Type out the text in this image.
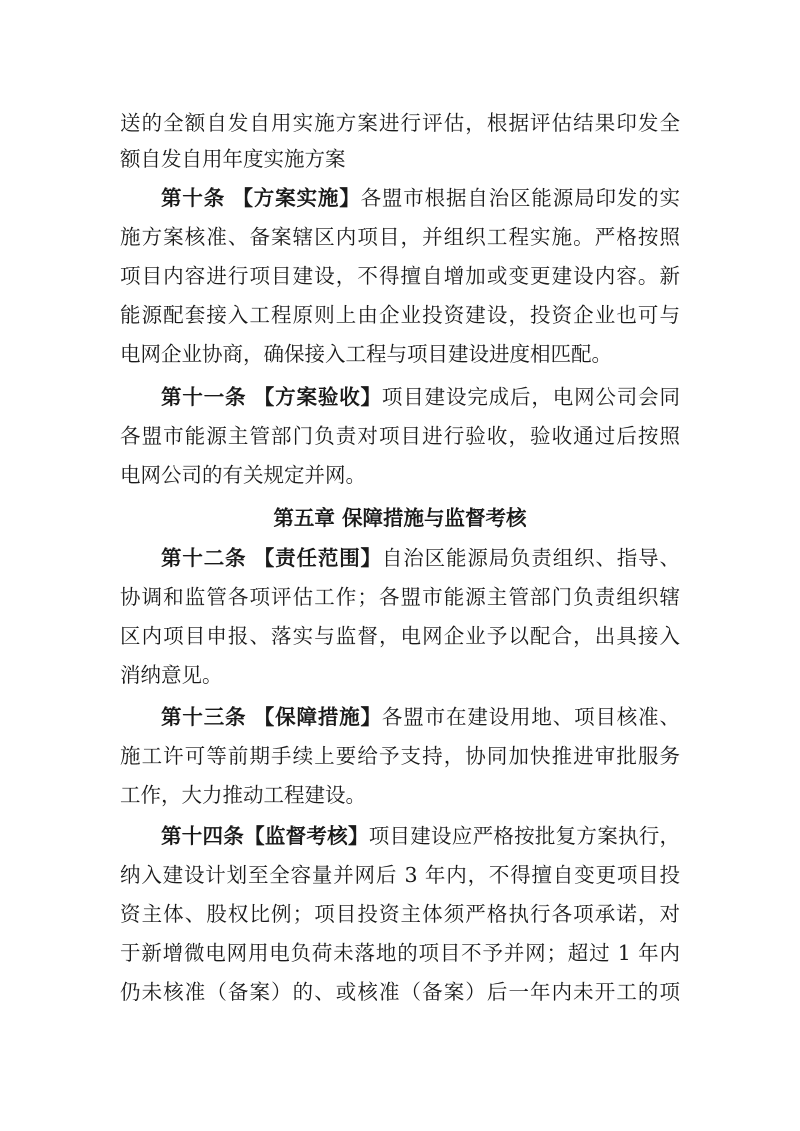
送的全额自发自用实施方案进行评估，根据评估结果印发全
额自发自用年度实施方案
第十条 【方案实施】各盟市根据自治区能源局印发的实
施方案核准、备案辖区内项目，并组织工程实施。严格按照
项目内容进行项目建设，不得擅自增加或变更建设内容。新
能源配套接入工程原则上由企业投资建设，投资企业也可与
电网企业协商，确保接入工程与项目建设进度相匹配。
第十一条 【方案验收】项目建设完成后，电网公司会同
各盟市能源主管部门负责对项目进行验收，验收通过后按照
电网公司的有关规定并网。
第五章 保障措施与监督考核
第十二条 【责任范围】自治区能源局负责组织、指导、
协调和监管各项评估工作；各盟市能源主管部门负责组织辖
区内项目申报、落实与监督，电网企业予以配合，出具接入
消纳意见。
第十三条 【保障措施】各盟市在建设用地、项目核准、
施工许可等前期手续上要给予支持，协同加快推进审批服务
工作，大力推动工程建设。
第十四条【监督考核】项目建设应严格按批复方案执行，
纳入建设计划至全容量并网后 3 年内，不得擅自变更项目投
资主体、股权比例；项目投资主体须严格执行各项承诺，对
于新增微电网用电负荷未落地的项目不予并网；超过 1 年内
仍未核准（备案）的、或核准（备案）后一年内未开工的项
